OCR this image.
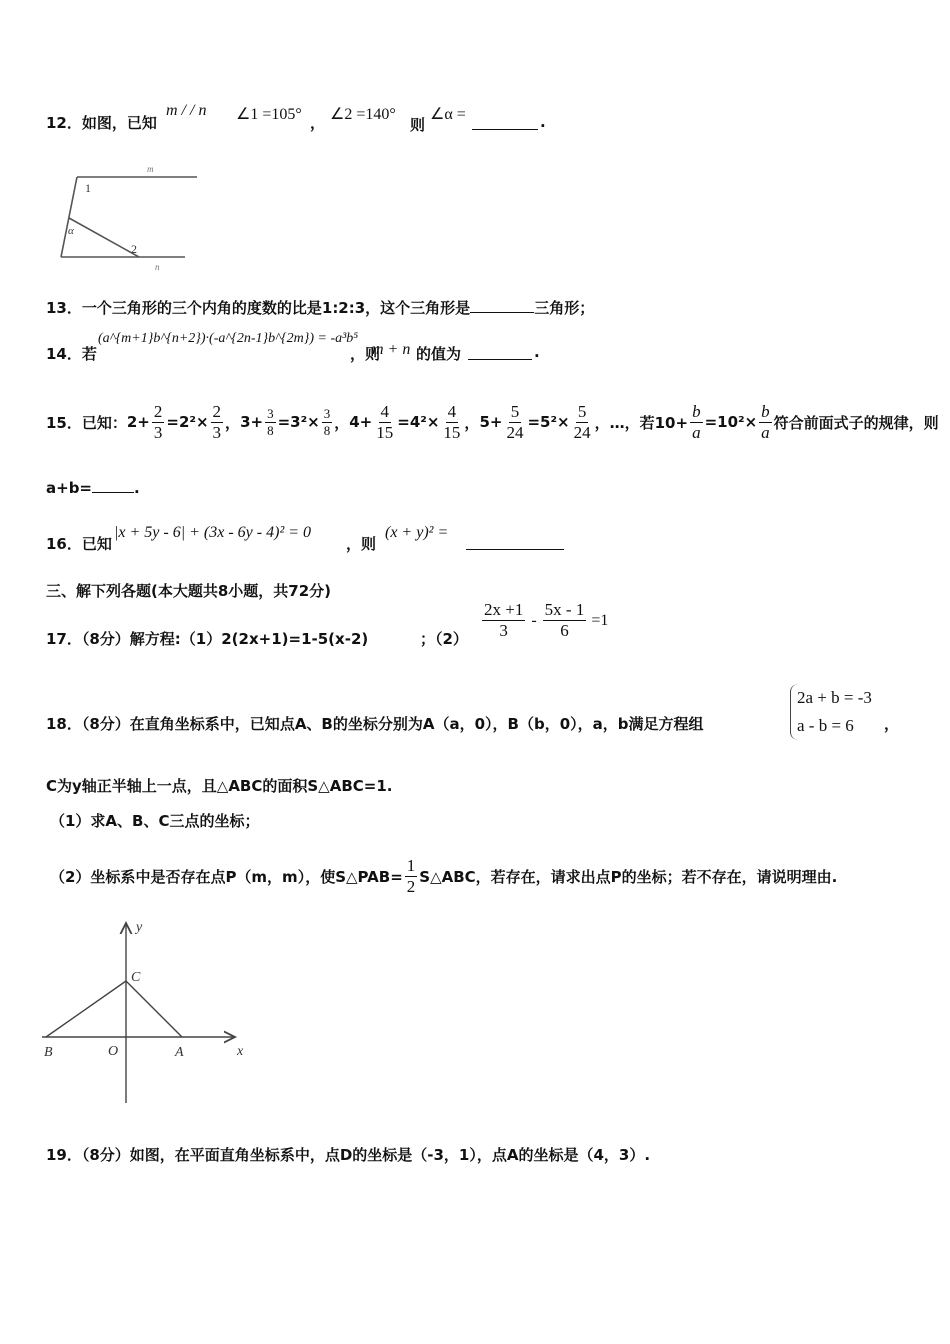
12．如图，已知
m / / n ∠1 =105° ， ∠2 =140°
则
∠α =	.
m
n
1
2
α
13．一个三角形的三个内角的度数的比是1:2:3，这个三角形是	三角形；
14．若
(a^{m+1}b^{n+2})·(-a^{2n-1}b^{2m}) = -a³b⁵
，则
m + n 的值为	.
15．已知： $2+ \frac{2}{3} =2^2\times \frac{2}{3}$ ， $3+ \frac{3}{8} =3^2\times \frac{3}{8}$ ， $4+ \frac{4}{15} =4^2\times \frac{4}{15}$ ， $5+ \frac{5}{24} =5^2\times \frac{5}{24}$ ，…， 若$10+ \frac{b}{a} =10^2\times \frac{b}{a}$ 符合前面式子的规律，则
a+b=	.
16．已知
|x + 5y - 6| + (3x - 6y - 4)² = 0
，则
(x + y)² =
三、解下列各题(本大题共8小题，共72分)
17．（8分）解方程:（1）2(2x+1)=1-5(x-2)	；$(2) \frac{2x +1}{3} - \frac{5x - 1}{6} =1$
18．（8分）在直角坐标系中，已知点A、B的坐标分别为A（a，0），B（b，0），a，b满足方程组
2a + b = -3
a - b = 6	，
C为y轴正半轴上一点，且△ABC的面积S△ABC=1.
（1）求A、B、C三点的坐标；
（2）坐标系中是否存在点P（m，m），使S△PAB= $\frac{1}{2}$ S△ABC，若存在，请求出点P的坐标；若不存在，请说明理由.
y
x
C
B	O	A
19．（8分）如图，在平面直角坐标系中，点D的坐标是（-3，1），点A的坐标是（4，3）.
